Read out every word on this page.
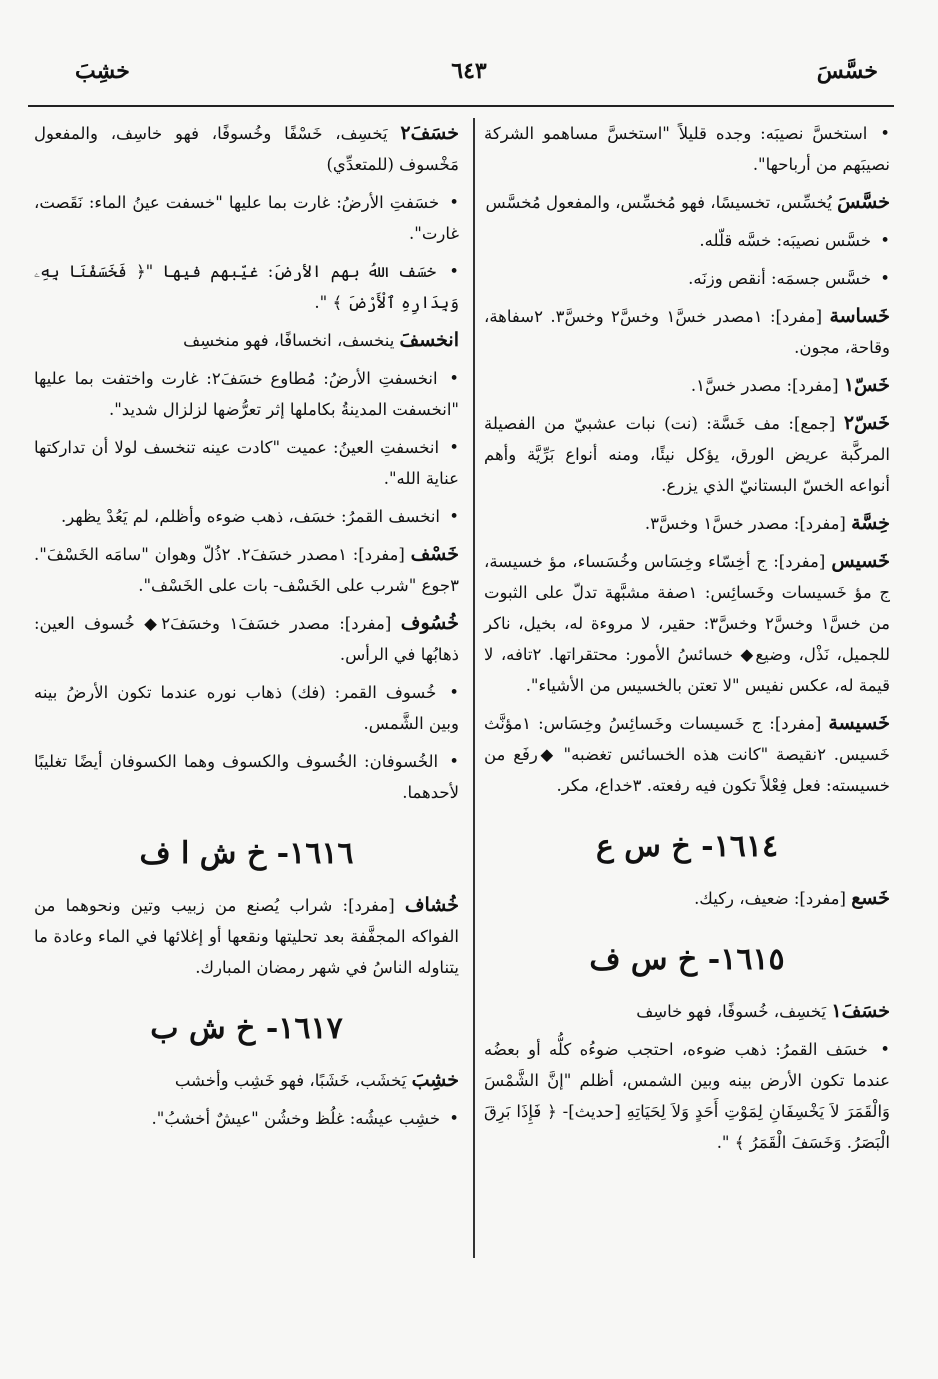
خسَّسَ
٦٤٣
خشِبَ
• استخسَّ نصيبَه: وجده قليلاً "استخسَّ مساهمو الشركة نصيبَهم من أرباحها".
خسَّسَ يُخسِّس، تخسيسًا، فهو مُخسِّس، والمفعول مُخسَّس
• خسَّس نصيبَه: خسَّه قلّله.
• خسَّس جسمَه: أنقص وزنَه.
خَساسة [مفرد]: ١مصدر خسَّ١ وخسَّ٢ وخسَّ٣. ٢سفاهة، وقاحة، مجون.
خَسّ١ [مفرد]: مصدر خسَّ١.
خَسّ٢ [جمع]: مف خَسَّة: (نت) نبات عشبيّ من الفصيلة المركَّبة عريض الورق، يؤكل نيئًا، ومنه أنواع بَرِّيَّة وأهم أنواعه الخسّ البستانيّ الذي يزرع.
خِسَّة [مفرد]: مصدر خسَّ١ وخسَّ٣.
خَسيس [مفرد]: ج أخِسّاء وخِسَاس وخُسَساء، مؤ خسيسة، ج مؤ خَسيسات وخَسائِس: ١صفة مشبَّهة تدلّ على الثبوت من خسَّ١ وخسَّ٢ وخسَّ٣: حقير، لا مروءة له، بخيل، ناكر للجميل، نَذْل، وضيع◆ خسائسُ الأمور: محتقراتها. ٢تافه، لا قيمة له، عكس نفيس "لا تعتن بالخسيس من الأشياء".
خَسيسة [مفرد]: ج خَسيسات وخَسائِسُ وخِسَاس: ١مؤنَّث خَسيس. ٢نقيصة "كانت هذه الخسائس تغضبه" ◆رفَع من خسيسته: فعل فِعْلاً تكون فيه رفعته. ٣خداع، مكر.
١٦١٤- خ س ع
خَسع [مفرد]: ضعيف، ركيك.
١٦١٥- خ س ف
خسَفَ١ يَخسِف، خُسوفًا، فهو خاسِف
• خسَف القمرُ: ذهب ضوءه، احتجب ضوءُه كلُّه أو بعضُه عندما تكون الأرض بينه وبين الشمس، أظلم "إنَّ الشَّمْسَ وَالْقَمَرَ لاَ يَخْسِفَانِ لِمَوْتِ أَحَدٍ وَلاَ لِحَيَاتِهِ [حديث]- ﴿ فَإِذَا بَرِقَ الْبَصَرُ. وَخَسَفَ الْقَمَرُ ﴾ ".
خسَفَ٢ يَخسِف، خَسْفًا وخُسوفًا، فهو خاسِف، والمفعول مَخْسوف (للمتعدِّي)
• خسَفتِ الأرضُ: غارت بما عليها "خسفت عينُ الماء: نَقَصت، غارت".
• خسَف اللهُ بهم الأرضَ: غيّبهم فيها "﴿ فَخَسَفْنَا بِهِۦ وَبِدَارِهِ ٱلْأَرْضَ ﴾ ".
انخسفَ ينخسف، انخسافًا، فهو منخسِف
• انخسفتِ الأرضُ: مُطاوع خسَفَ٢: غارت واختفت بما عليها "انخسفت المدينةُ بكاملها إثر تعرُّضها لزلزال شديد".
• انخسفتِ العينُ: عميت "كادت عينه تنخسف لولا أن تداركتها عناية الله".
• انخسف القمرُ: خسَف، ذهب ضوءه وأظلم، لم يَعُدْ يظهر.
خَسْف [مفرد]: ١مصدر خسَفَ٢. ٢ذُلّ وهوان "سامَه الخَسْفَ". ٣جوع "شرب على الخَسْف- بات على الخَسْف".
خُسُوف [مفرد]: مصدر خسَفَ١ وخسَفَ٢◆ خُسوف العين: ذهابُها في الرأس.
• خُسوف القمر: (فك) ذهاب نوره عندما تكون الأرضُ بينه وبين الشَّمس.
• الخُسوفان: الخُسوف والكسوف وهما الكسوفان أيضًا تغليبًا لأحدهما.
١٦١٦- خ ش ا ف
خُشاف [مفرد]: شراب يُصنع من زبيب وتين ونحوهما من الفواكه المجفَّفة بعد تحليتها ونقعها أو إغلائها في الماء وعادة ما يتناوله الناسُ في شهر رمضان المبارك.
١٦١٧- خ ش ب
خشِبَ يَخشَب، خَشَبًا، فهو خَشِب وأخشب
• خشِب عيشُه: غلُظ وخشُن "عيشٌ أخشبُ".
